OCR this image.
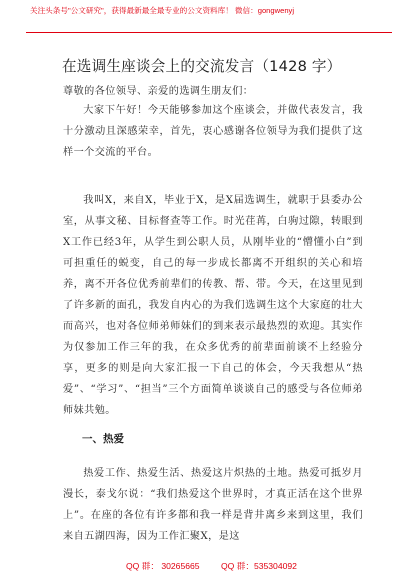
关注头条号"公文研究"，获得最新最全最专业的公文资料库！ 微信：gongwenyj
在选调生座谈会上的交流发言（1428 字）
尊敬的各位领导、亲爱的选调生朋友们：
大家下午好！今天能够参加这个座谈会，并做代表发言，我十分激动且深感荣幸，首先，衷心感谢各位领导为我们提供了这样一个交流的平台。
我叫X，来自X，毕业于X，是X届选调生，就职于县委办公室，从事文秘、目标督查等工作。时光荏苒，白驹过隙，转眼到X工作已经3年，从学生到公职人员，从刚毕业的“懵懂小白”到可担重任的蜕变，自己的每一步成长都离不开组织的关心和培养，离不开各位优秀前辈们的传教、帮、带。今天，在这里见到了许多新的面孔，我发自内心的为我们选调生这个大家庭的壮大而高兴，也对各位师弟师妹们的到来表示最热烈的欢迎。其实作为仅参加工作三年的我，在众多优秀的前辈面前谈不上经验分享，更多的则是向大家汇报一下自己的体会，今天我想从“热爱”、“学习”、“担当”三个方面简单谈谈自己的感受与各位师弟师妹共勉。
一、热爱
热爱工作、热爱生活、热爱这片炽热的土地。热爱可抵岁月漫长，泰戈尔说：“我们热爱这个世界时，才真正活在这个世界上”。在座的各位有许多都和我一样是背井离乡来到这里，我们来自五湖四海，因为工作汇聚X，是这
QQ 群： 30265665 QQ 群：535304092
